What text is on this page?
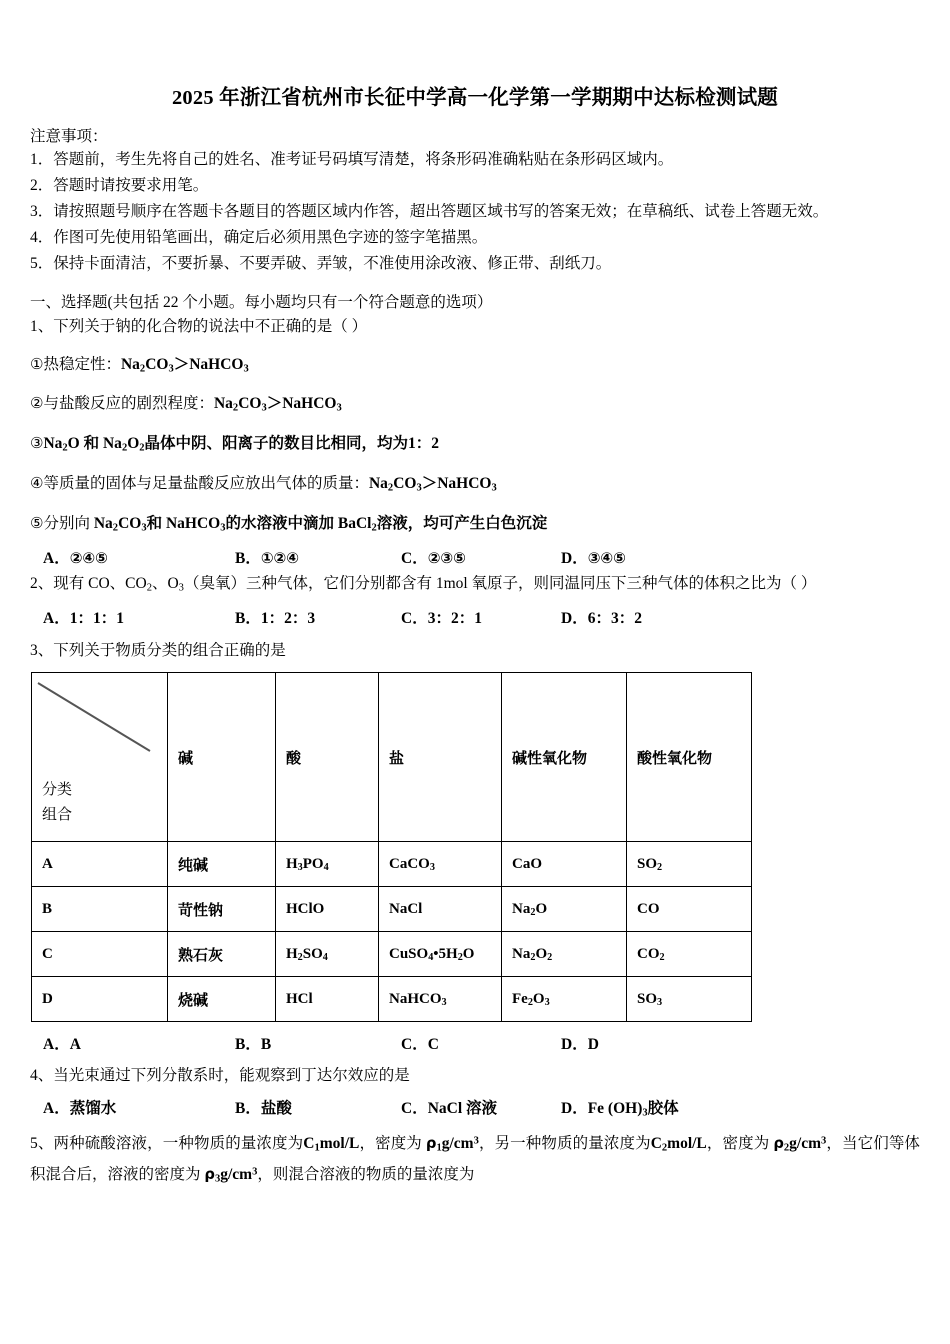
2025 年浙江省杭州市长征中学高一化学第一学期期中达标检测试题
注意事项：
1．答题前，考生先将自己的姓名、准考证号码填写清楚，将条形码准确粘贴在条形码区域内。
2．答题时请按要求用笔。
3．请按照题号顺序在答题卡各题目的答题区域内作答，超出答题区域书写的答案无效；在草稿纸、试卷上答题无效。
4．作图可先使用铅笔画出，确定后必须用黑色字迹的签字笔描黑。
5．保持卡面清洁，不要折暴、不要弄破、弄皱，不准使用涂改液、修正带、刮纸刀。
一、选择题(共包括 22 个小题。每小题均只有一个符合题意的选项）
1、下列关于钠的化合物的说法中不正确的是（ ）
①热稳定性：$Na_2CO_3>NaHCO_3$
②与盐酸反应的剧烈程度：$Na_2CO_3>NaHCO_3$
$③Na_2O$ 和 $Na_2O_2$晶体中阴、阳离子的数目比相同，均为1：2
④等质量的固体与足量盐酸反应放出气体的质量：$Na_2CO_3>NaHCO_3$
⑤分别向 $Na_2CO_3$和 NaHCO$_3$的水溶液中滴加 BaCl$_2$溶液，均可产生白色沉淀
A．②④⑤	B．①②④	C．②③⑤	D．③④⑤
2、现有 CO、$CO_2$、$O_3$（臭氧）三种气体，它们分别都含有 1mol 氧原子，则同温同压下三种气体的体积之比为（ ）
A．1：1：1	B．1：2：3	C．3：2：1	D．6：3：2
3、下列关于物质分类的组合正确的是
分类
组合	碱	酸	盐	碱性氧化物	酸性氧化物
A	纯碱	$H_3PO_4$	CaCO$_3$	CaO	$SO_2$
B	苛性钠	HClO	NaCl	$Na_2O$	CO
C	熟石灰	$H_2SO_4$	$CuSO_4•5H_2O$	$Na_2O_2$	$CO_2$
D	烧碱	HCl	NaHCO$_3$	$Fe_2O_3$	$SO_3$
A．A	B．B	C．C	D．D
4、当光束通过下列分散系时，能观察到丁达尔效应的是
A．蒸馏水	B．盐酸	C．NaCl 溶液	D．Fe $(OH)_3$胶体
5、两种硫酸溶液，一种物质的量浓度为$C_1mol/L$，密度为 $\rho_1g/cm^3$，另一种物质的量浓度为$C_2mol/L$，密度为 $\rho_2g/cm^3$，当它们等体积混合后，溶液的密度为 $\rho_3g/cm^3$，则混合溶液的物质的量浓度为
